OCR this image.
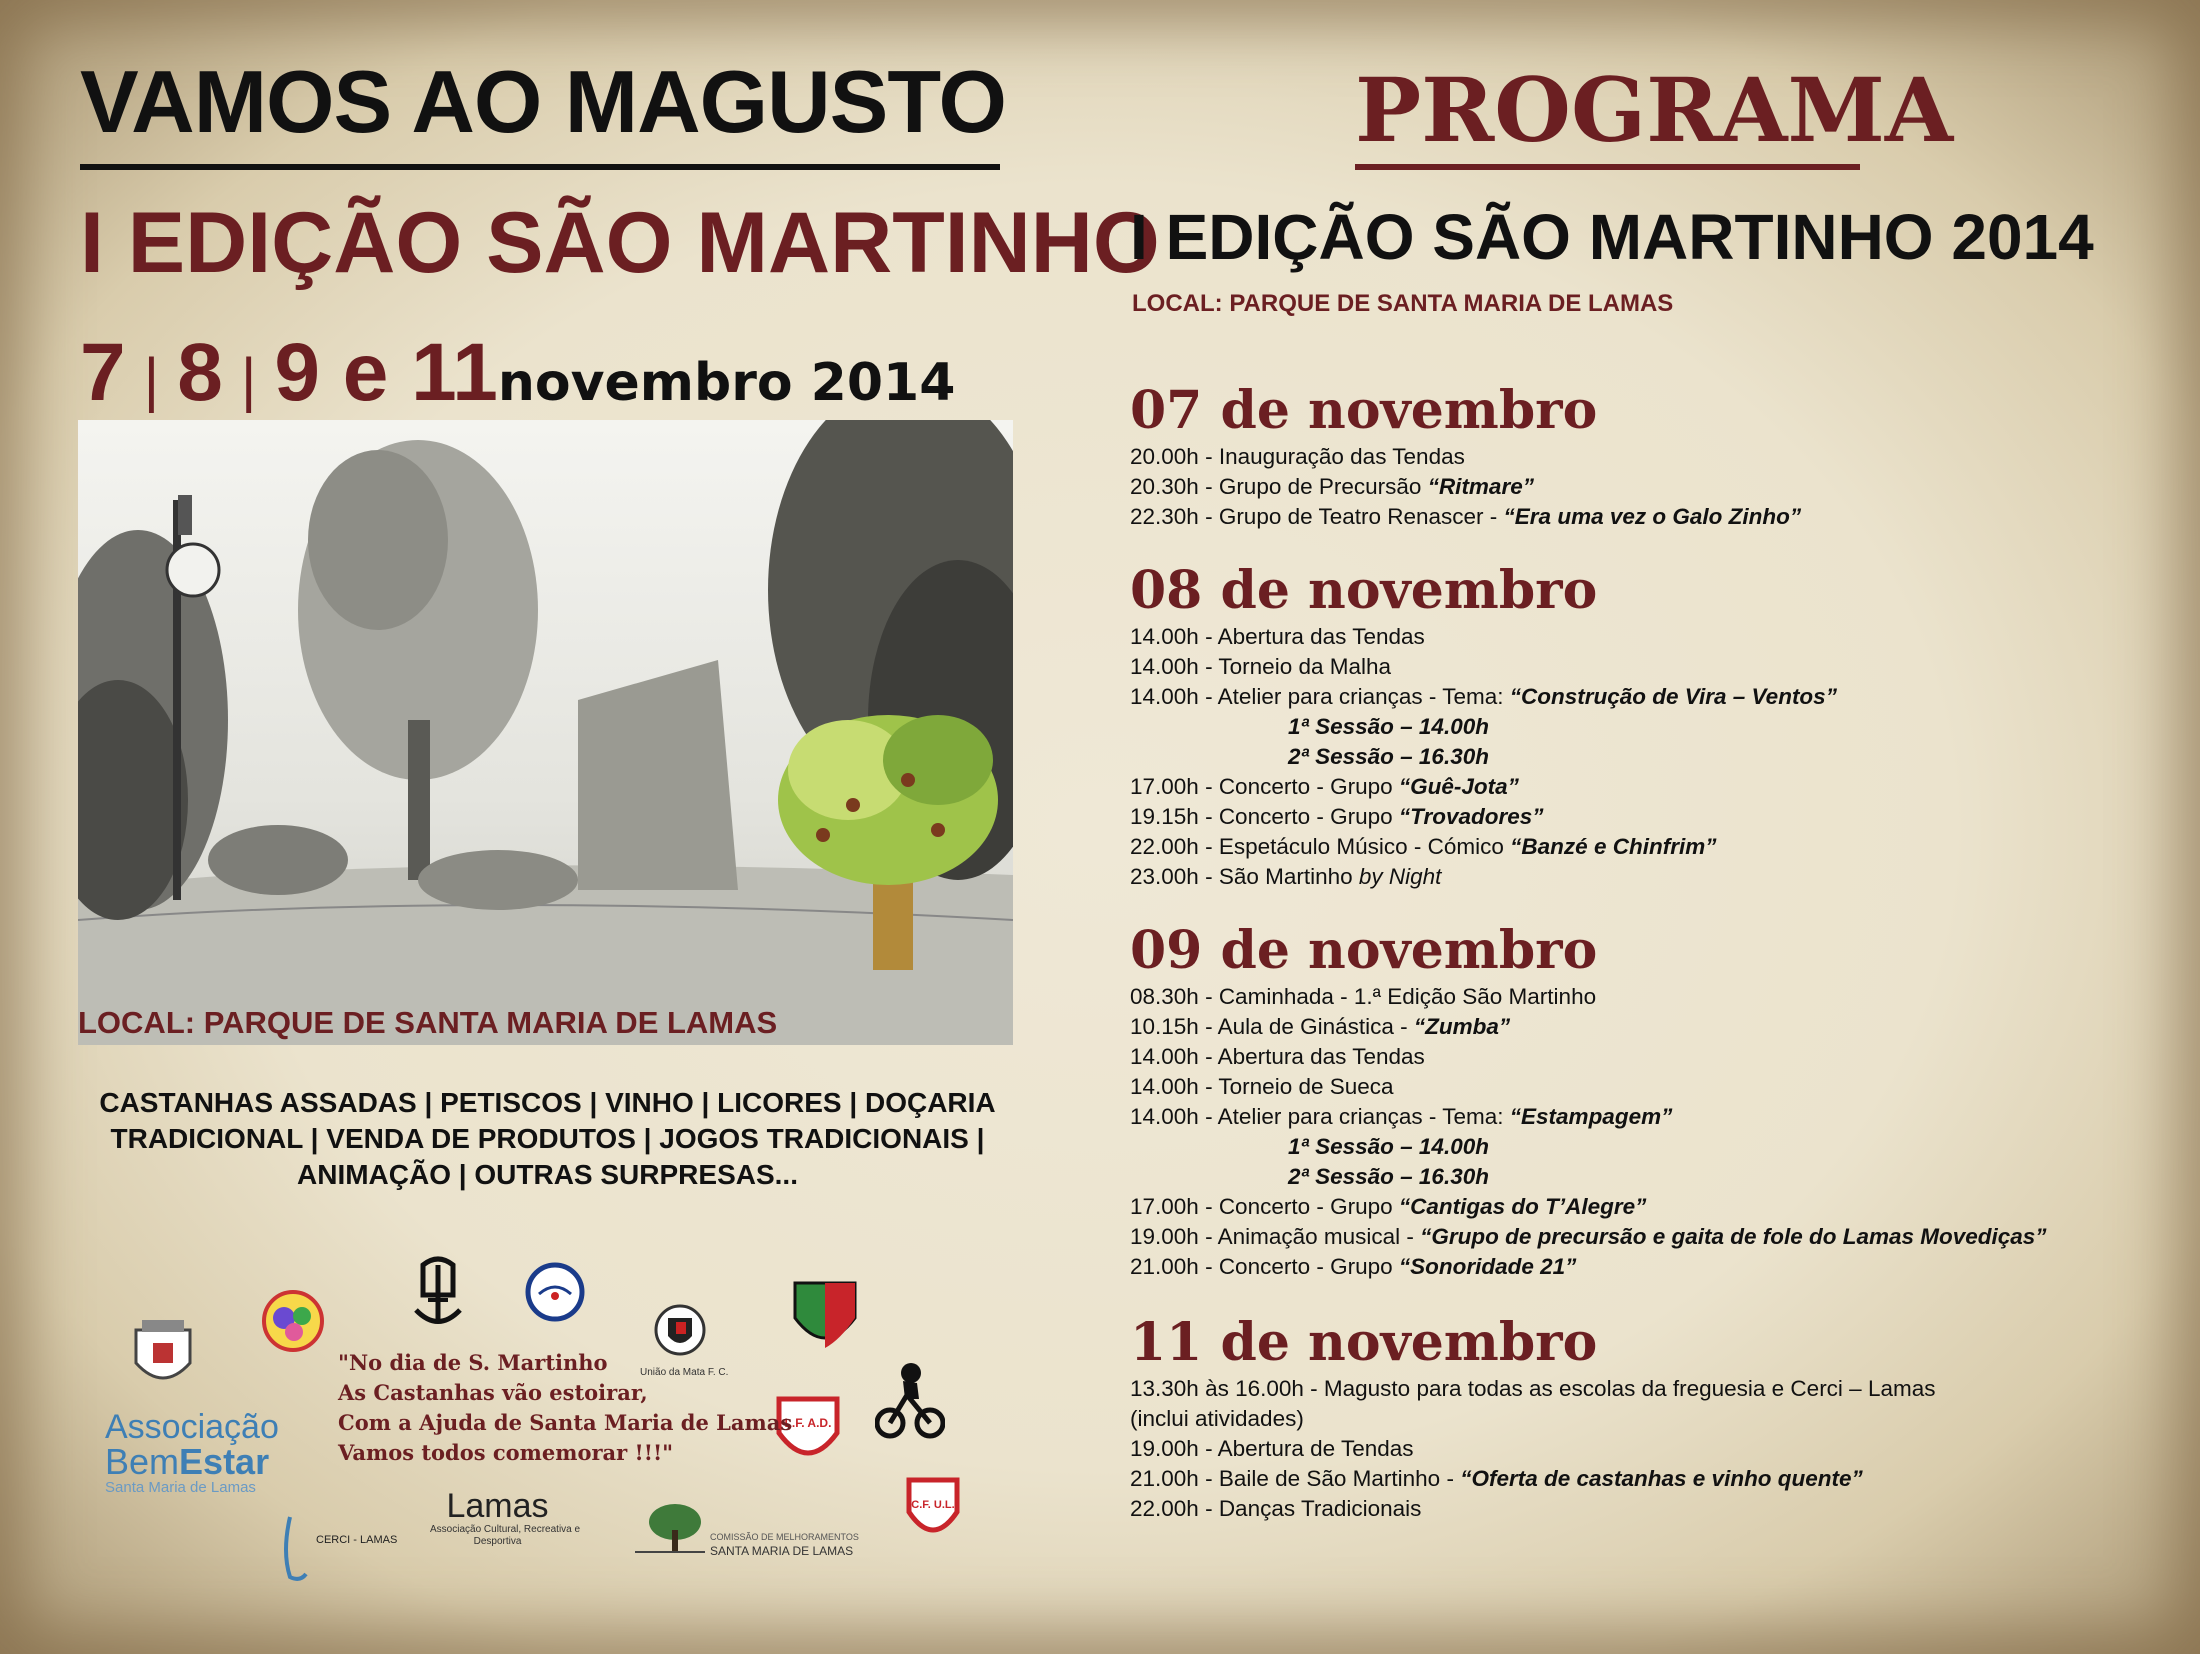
VAMOS AO MAGUSTO
I EDIÇÃO SÃO MARTINHO
7 | 8 | 9 e 11novembro 2014
LOCAL: PARQUE DE SANTA MARIA DE LAMAS
CASTANHAS ASSADAS | PETISCOS | VINHO | LICORES | DOÇARIA
TRADICIONAL | VENDA DE PRODUTOS | JOGOS TRADICIONAIS |
ANIMAÇÃO | OUTRAS SURPRESAS...
União da Mata F. C.
Associação
BemEstar
Santa Maria de Lamas
CERCI - LAMAS
Lamas
Associação Cultural, Recreativa e
Desportiva	COMISSÃO DE MELHORAMENTOS
SANTA MARIA DE LAMAS
L.F. A.D.
C.F. U.L.
"No dia de S. Martinho
As Castanhas vão estoirar,
Com a Ajuda de Santa Maria de Lamas
Vamos todos comemorar !!!"
PROGRAMA
I EDIÇÃO SÃO MARTINHO 2014
LOCAL: PARQUE DE SANTA MARIA DE LAMAS
07 de novembro
20.00h - Inauguração das Tendas
20.30h - Grupo de Precursão “Ritmare”
22.30h - Grupo de Teatro Renascer - “Era uma vez o Galo Zinho”
08 de novembro
14.00h - Abertura das Tendas
14.00h - Torneio da Malha
14.00h - Atelier para crianças - Tema: “Construção de Vira – Ventos”
1ª Sessão – 14.00h
2ª Sessão – 16.30h
17.00h - Concerto - Grupo “Guê-Jota”
19.15h - Concerto - Grupo “Trovadores”
22.00h - Espetáculo Músico - Cómico “Banzé e Chinfrim”
23.00h - São Martinho by Night
09 de novembro
08.30h - Caminhada - 1.ª Edição São Martinho
10.15h - Aula de Ginástica - “Zumba”
14.00h - Abertura das Tendas
14.00h - Torneio de Sueca
14.00h - Atelier para crianças - Tema: “Estampagem”
1ª Sessão – 14.00h
2ª Sessão – 16.30h
17.00h - Concerto - Grupo “Cantigas do T’Alegre”
19.00h - Animação musical - “Grupo de precursão e gaita de fole do Lamas Movediças”
21.00h - Concerto - Grupo “Sonoridade 21”
11 de novembro
13.30h às 16.00h - Magusto para todas as escolas da freguesia e Cerci – Lamas
(inclui atividades)
19.00h - Abertura de Tendas
21.00h - Baile de São Martinho - “Oferta de castanhas e vinho quente”
22.00h - Danças Tradicionais
